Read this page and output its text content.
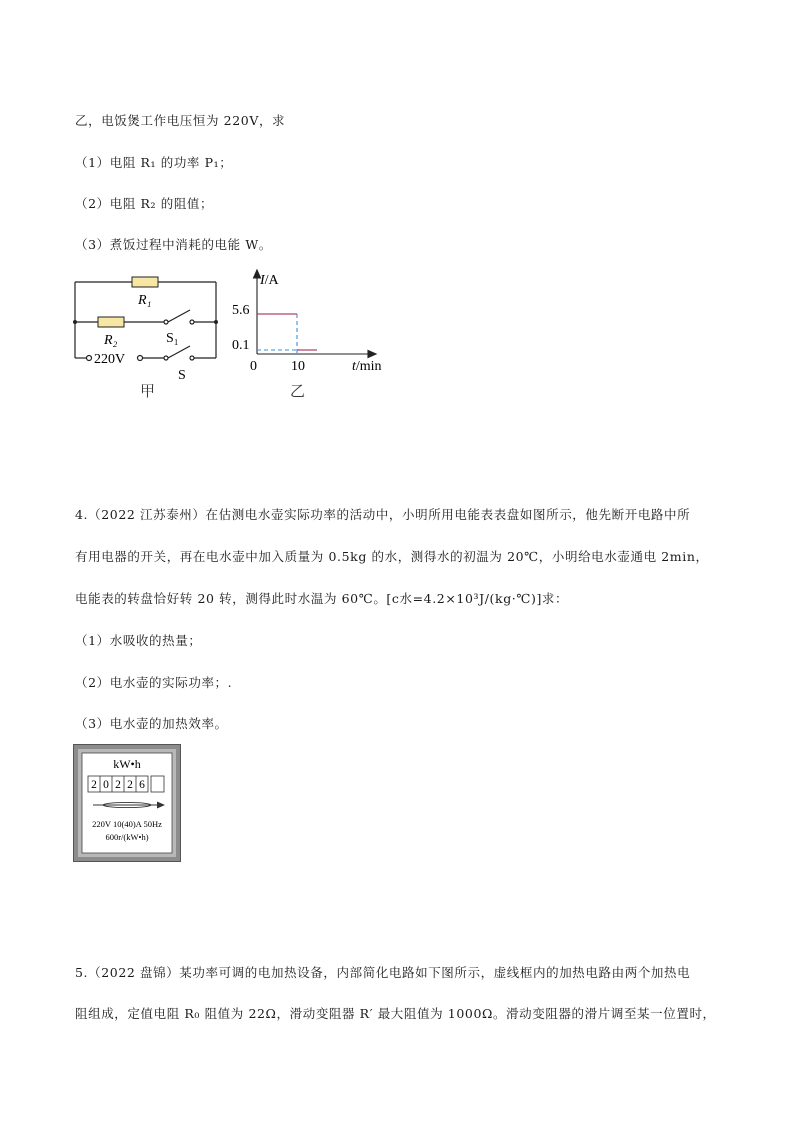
乙，电饭煲工作电压恒为 220V，求
（1）电阻 R₁ 的功率 P₁；
（2）电阻 R₂ 的阻值；
（3）煮饭过程中消耗的电能 W。
R₁
R₂	S₁
S
220V
甲
I/A
5.6
0.1
0 10	t/min
乙
4.（2022 江苏泰州）在估测电水壶实际功率的活动中，小明所用电能表表盘如图所示，他先断开电路中所
有用电器的开关，再在电水壶中加入质量为 0.5kg 的水，测得水的初温为 20℃，小明给电水壶通电 2min，
电能表的转盘恰好转 20 转，测得此时水温为 60℃。[c水=4.2×10³J/(kg·℃)]求：
（1）水吸收的热量；
（2）电水壶的实际功率；.
（3）电水壶的加热效率。
kW•h
2 0 2 2 6
220V 10(40)A 50Hz
600r/(kW•h)
5.（2022 盘锦）某功率可调的电加热设备，内部简化电路如下图所示，虚线框内的加热电路由两个加热电
阻组成，定值电阻 R₀ 阻值为 22Ω，滑动变阻器 R′ 最大阻值为 1000Ω。滑动变阻器的滑片调至某一位置时，
